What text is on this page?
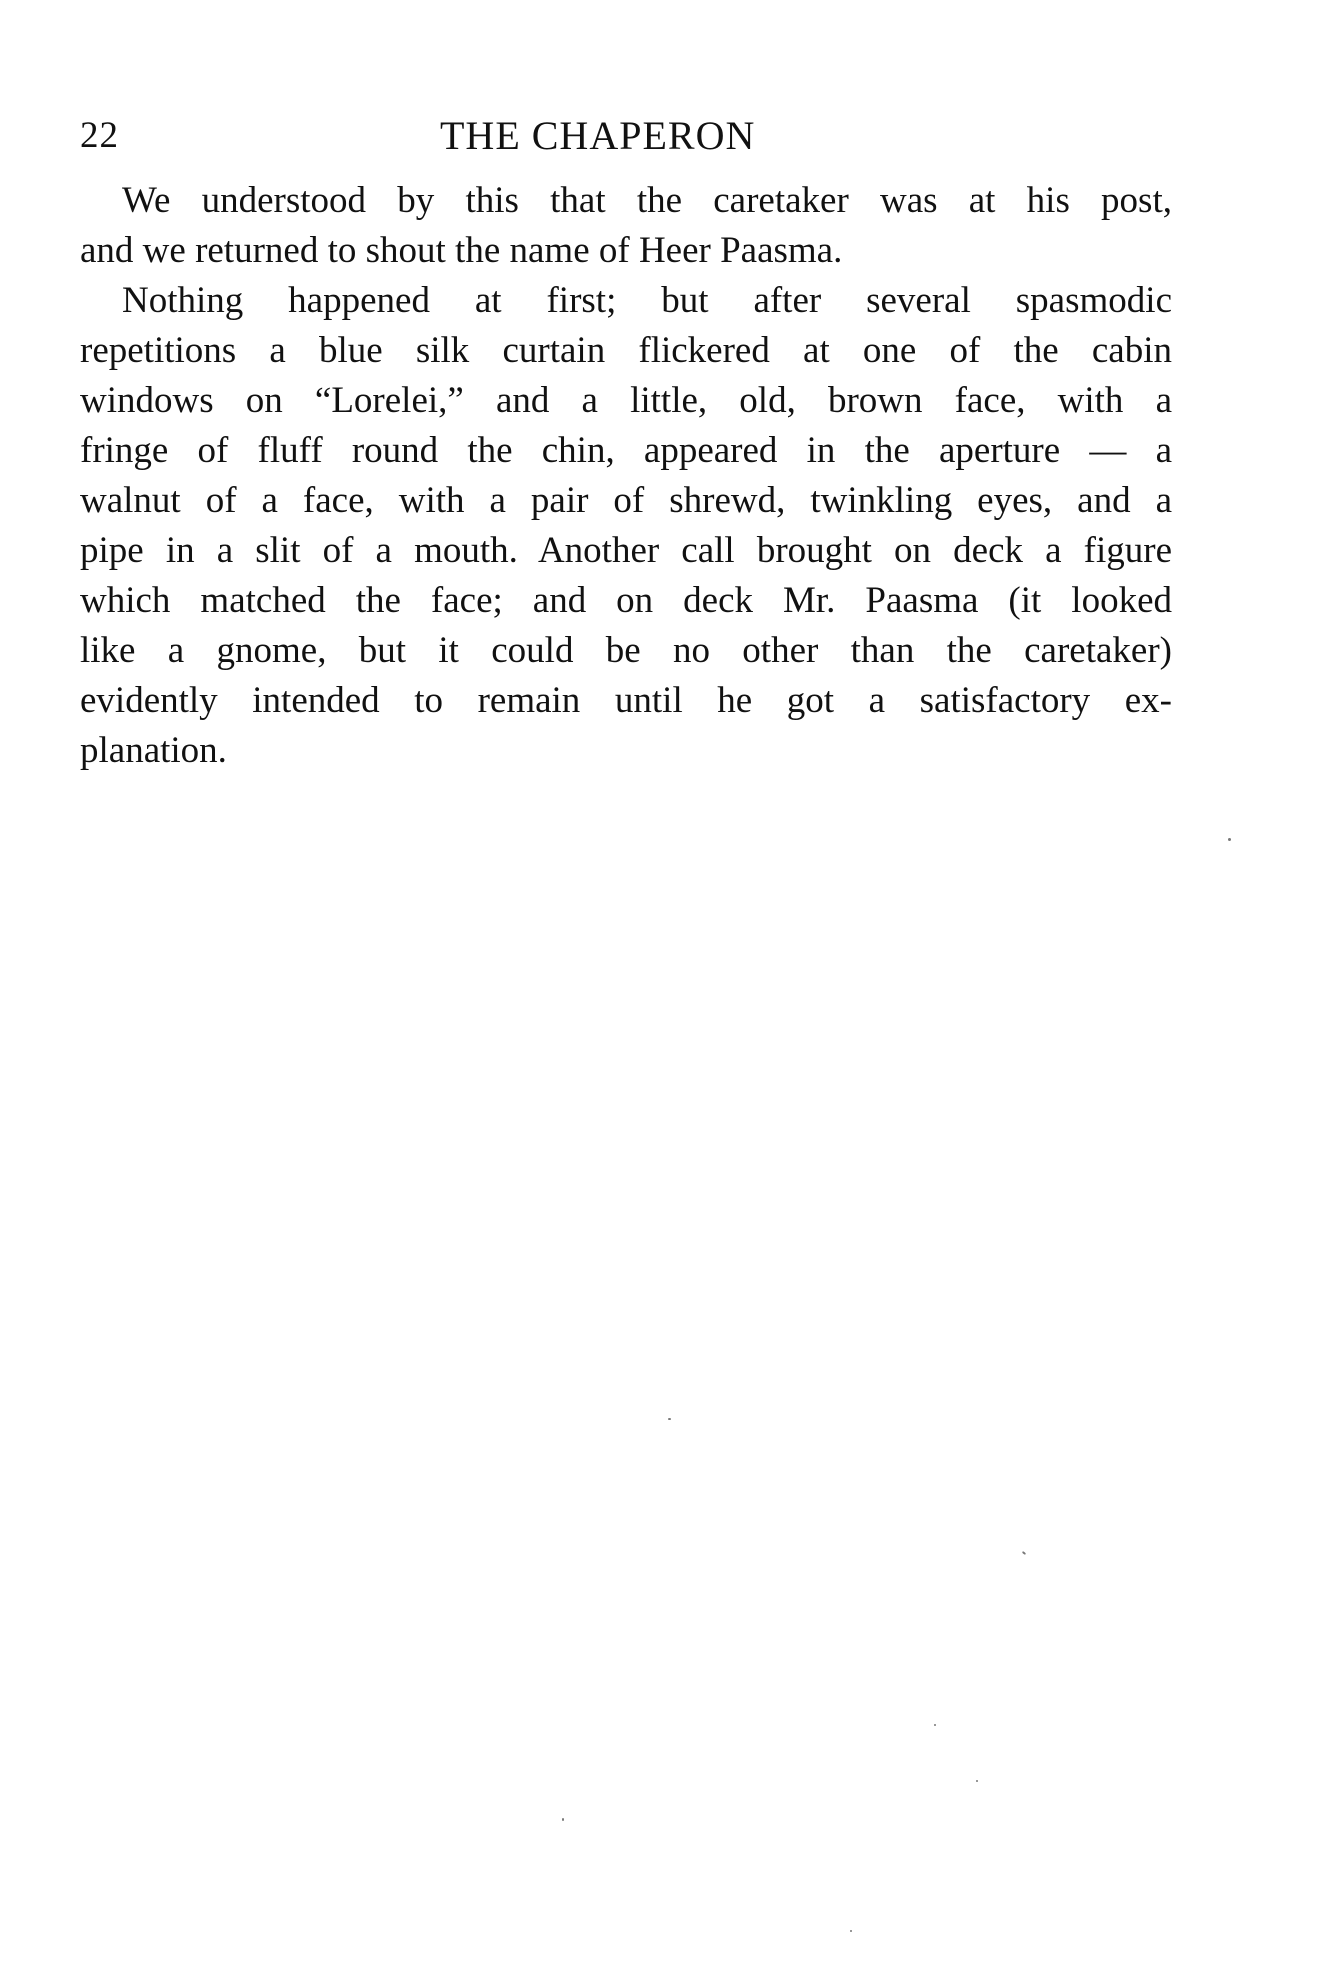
22	THE CHAPERON

We understood by this that the caretaker was at his post,
and we returned to shout the name of Heer Paasma.

Nothing happened at first; but after several spasmodic
repetitions a blue silk curtain flickered at one of the cabin
windows on “Lorelei,” and a little, old, brown face, with a
fringe of fluff round the chin, appeared in the aperture — a
walnut of a face, with a pair of shrewd, twinkling eyes, and a
pipe in a slit of a mouth. Another call brought on deck a figure
which matched the face; and on deck Mr. Paasma (it looked
like a gnome, but it could be no other than the caretaker)
evidently intended to remain until he got a satisfactory ex-
planation.
